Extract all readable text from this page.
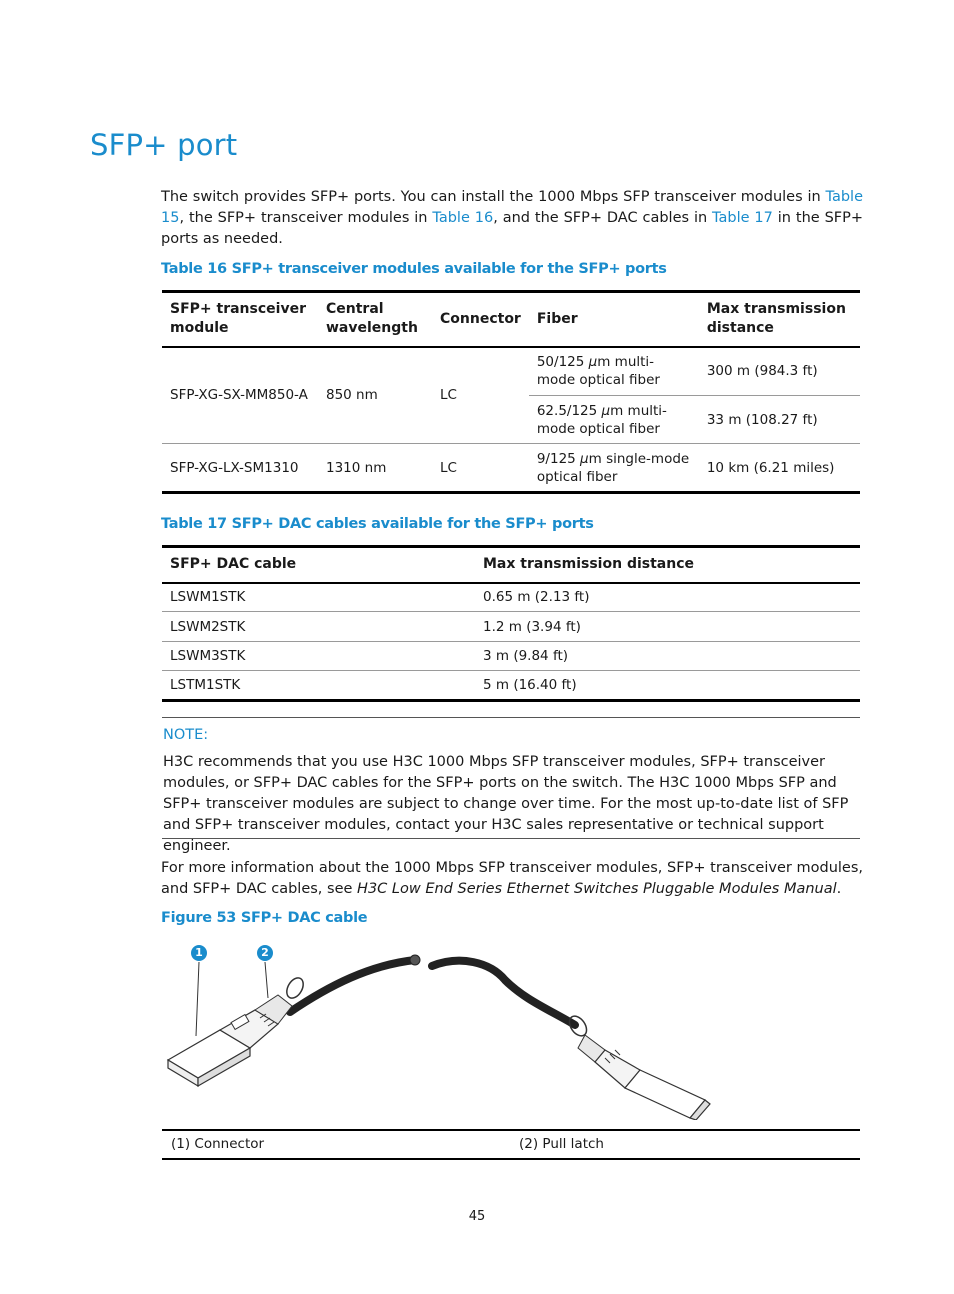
SFP+ port
The switch provides SFP+ ports. You can install the 1000 Mbps SFP transceiver modules in Table 15, the SFP+ transceiver modules in Table 16, and the SFP+ DAC cables in Table 17 in the SFP+ ports as needed.
Table 16 SFP+ transceiver modules available for the SFP+ ports
SFP+ transceiver module	Central wavelength	Connector	Fiber	Max transmission distance
SFP-XG-SX-MM850-A	850 nm	LC	50/125 μm multi-mode optical fiber	300 m (984.3 ft)
			62.5/125 μm multi-mode optical fiber	33 m (108.27 ft)
SFP-XG-LX-SM1310	1310 nm	LC	9/125 μm single-mode optical fiber	10 km (6.21 miles)
Table 17 SFP+ DAC cables available for the SFP+ ports
SFP+ DAC cable	Max transmission distance
LSWM1STK	0.65 m (2.13 ft)
LSWM2STK	1.2 m (3.94 ft)
LSWM3STK	3 m (9.84 ft)
LSTM1STK	5 m (16.40 ft)
NOTE:
H3C recommends that you use H3C 1000 Mbps SFP transceiver modules, SFP+ transceiver modules, or SFP+ DAC cables for the SFP+ ports on the switch. The H3C 1000 Mbps SFP and SFP+ transceiver modules are subject to change over time. For the most up-to-date list of SFP and SFP+ transceiver modules, contact your H3C sales representative or technical support engineer.
For more information about the 1000 Mbps SFP transceiver modules, SFP+ transceiver modules, and SFP+ DAC cables, see H3C Low End Series Ethernet Switches Pluggable Modules Manual.
Figure 53 SFP+ DAC cable
1	2
(1) Connector	(2) Pull latch
45
